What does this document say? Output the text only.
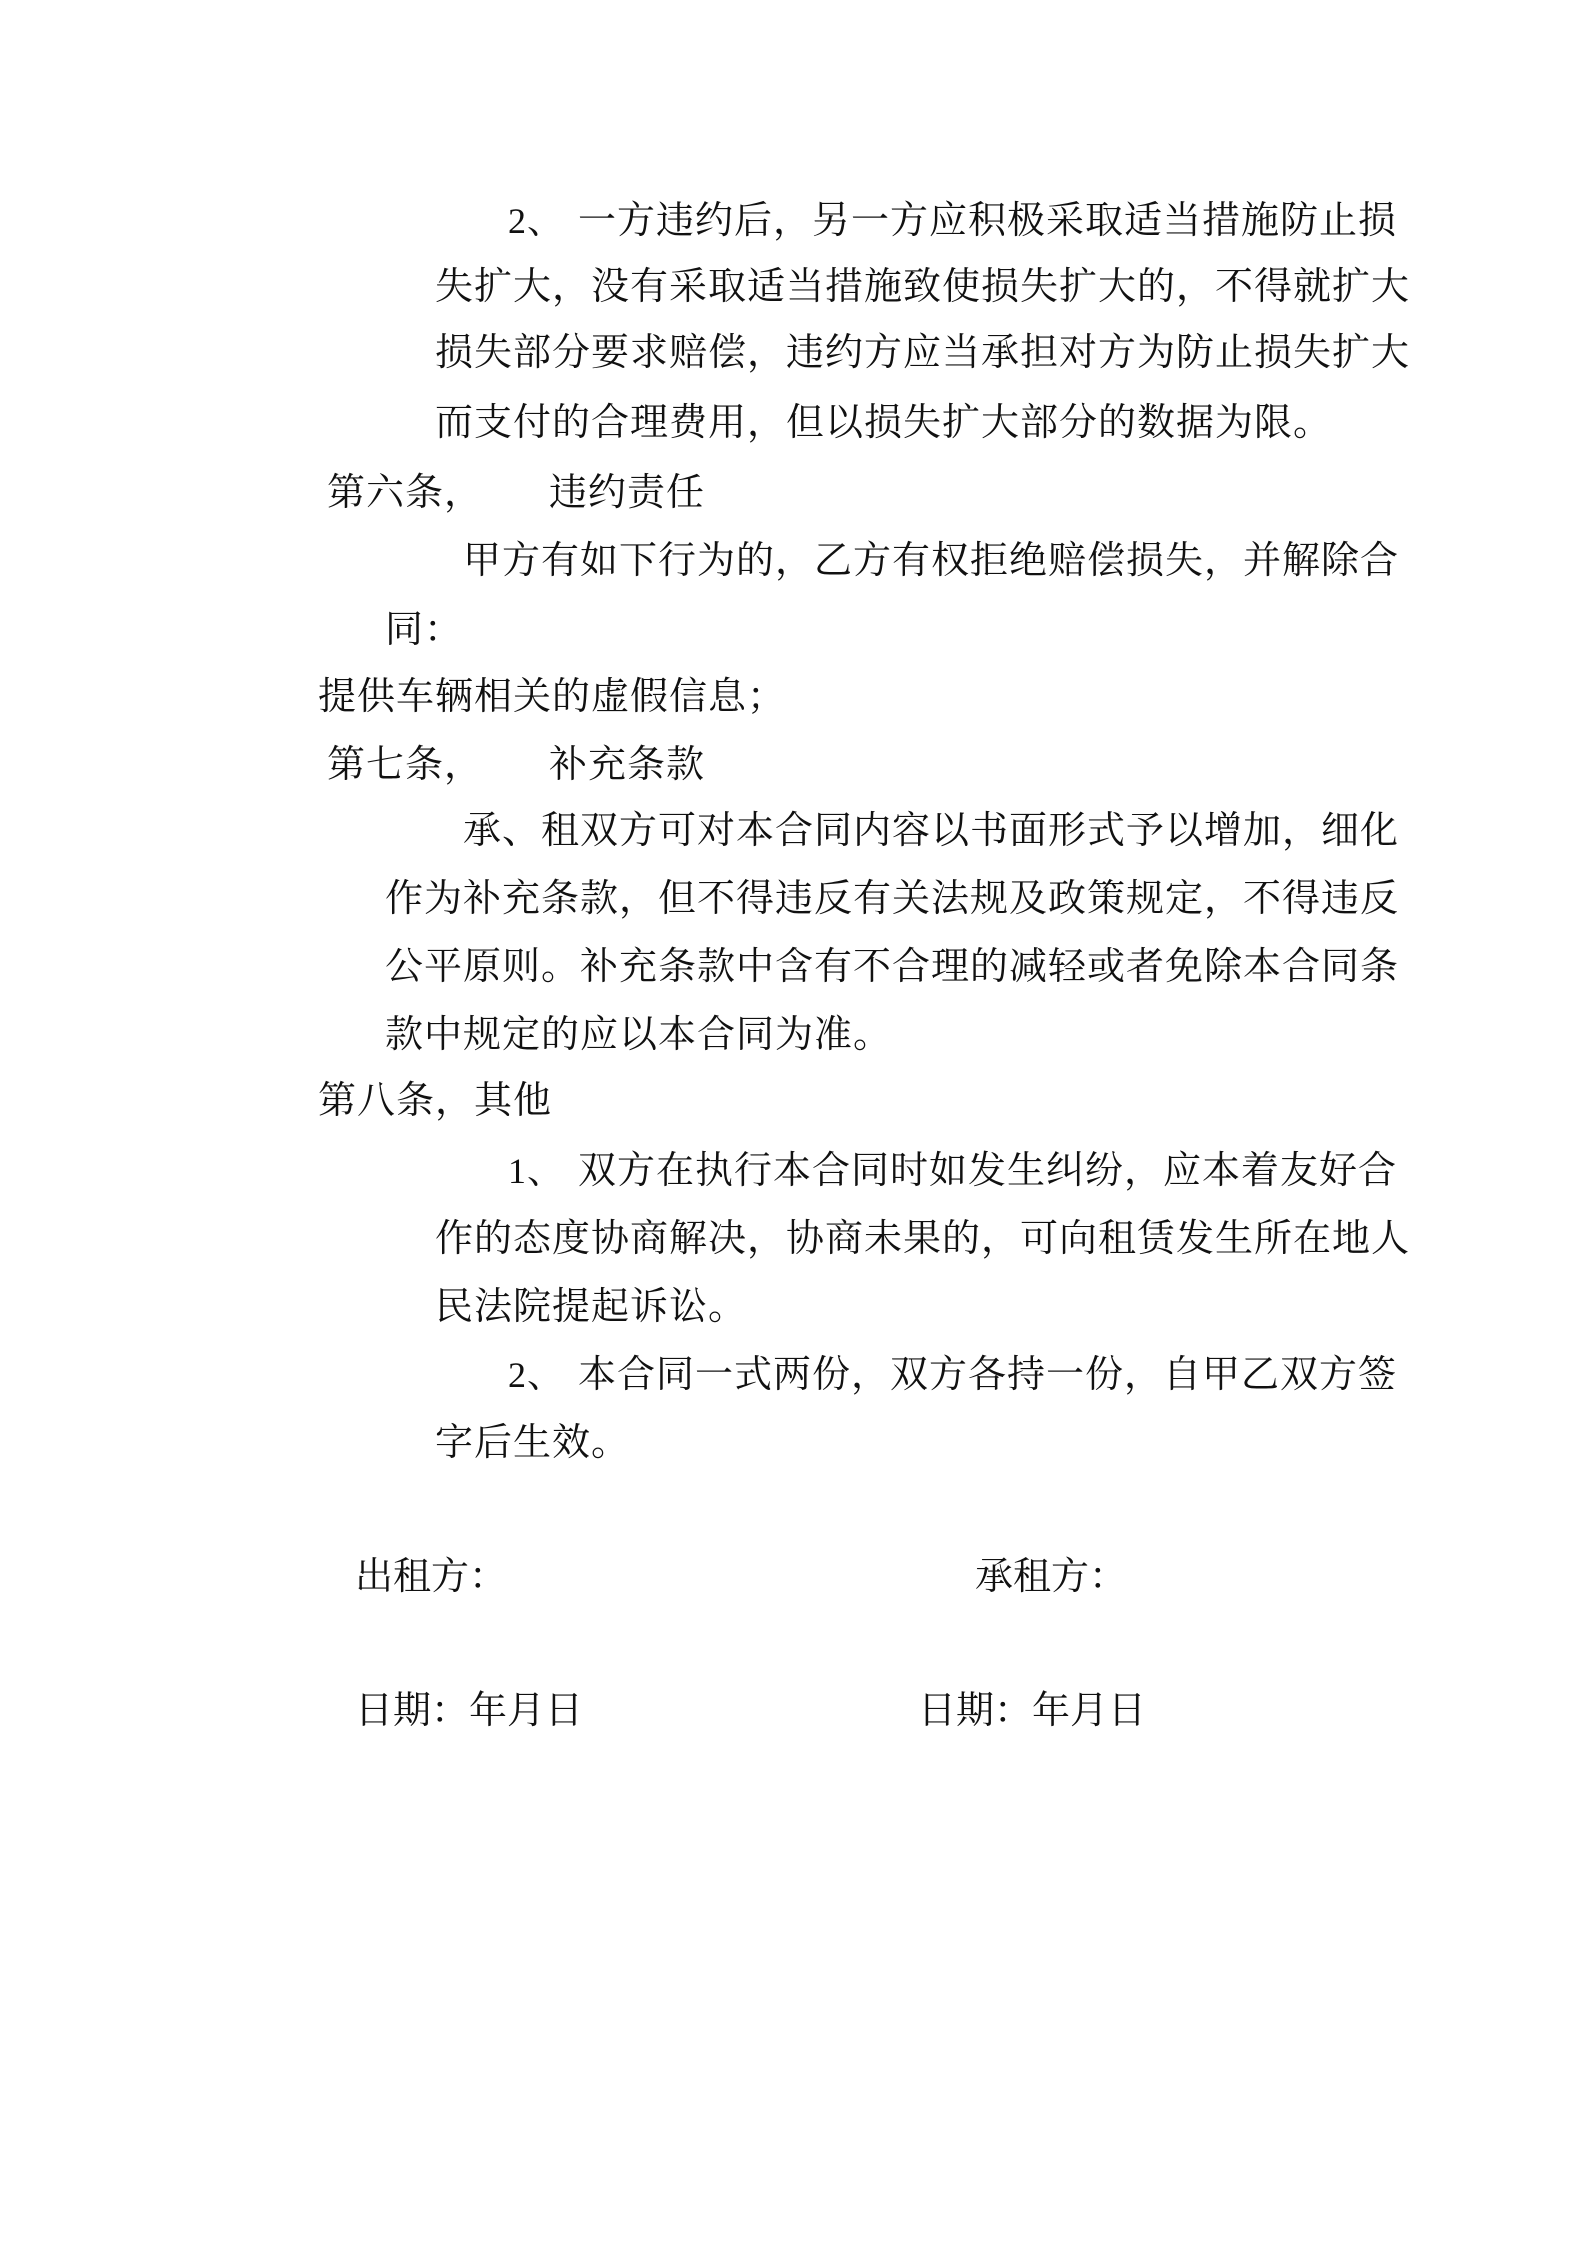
2、 一方违约后，另一方应积极采取适当措施防止损
失扩大，没有采取适当措施致使损失扩大的，不得就扩大
损失部分要求赔偿，违约方应当承担对方为防止损失扩大
而支付的合理费用，但以损失扩大部分的数据为限。
第六条， 违约责任
甲方有如下行为的，乙方有权拒绝赔偿损失，并解除合
同：
提供车辆相关的虚假信息；
第七条， 补充条款
承、租双方可对本合同内容以书面形式予以增加，细化
作为补充条款，但不得违反有关法规及政策规定，不得违反
公平原则。补充条款中含有不合理的减轻或者免除本合同条
款中规定的应以本合同为准。
第八条，其他
1、 双方在执行本合同时如发生纠纷，应本着友好合
作的态度协商解决，协商未果的，可向租赁发生所在地人
民法院提起诉讼。
2、 本合同一式两份，双方各持一份，自甲乙双方签
字后生效。
出租方：	承租方：
日期：年月日	日期：年月日
